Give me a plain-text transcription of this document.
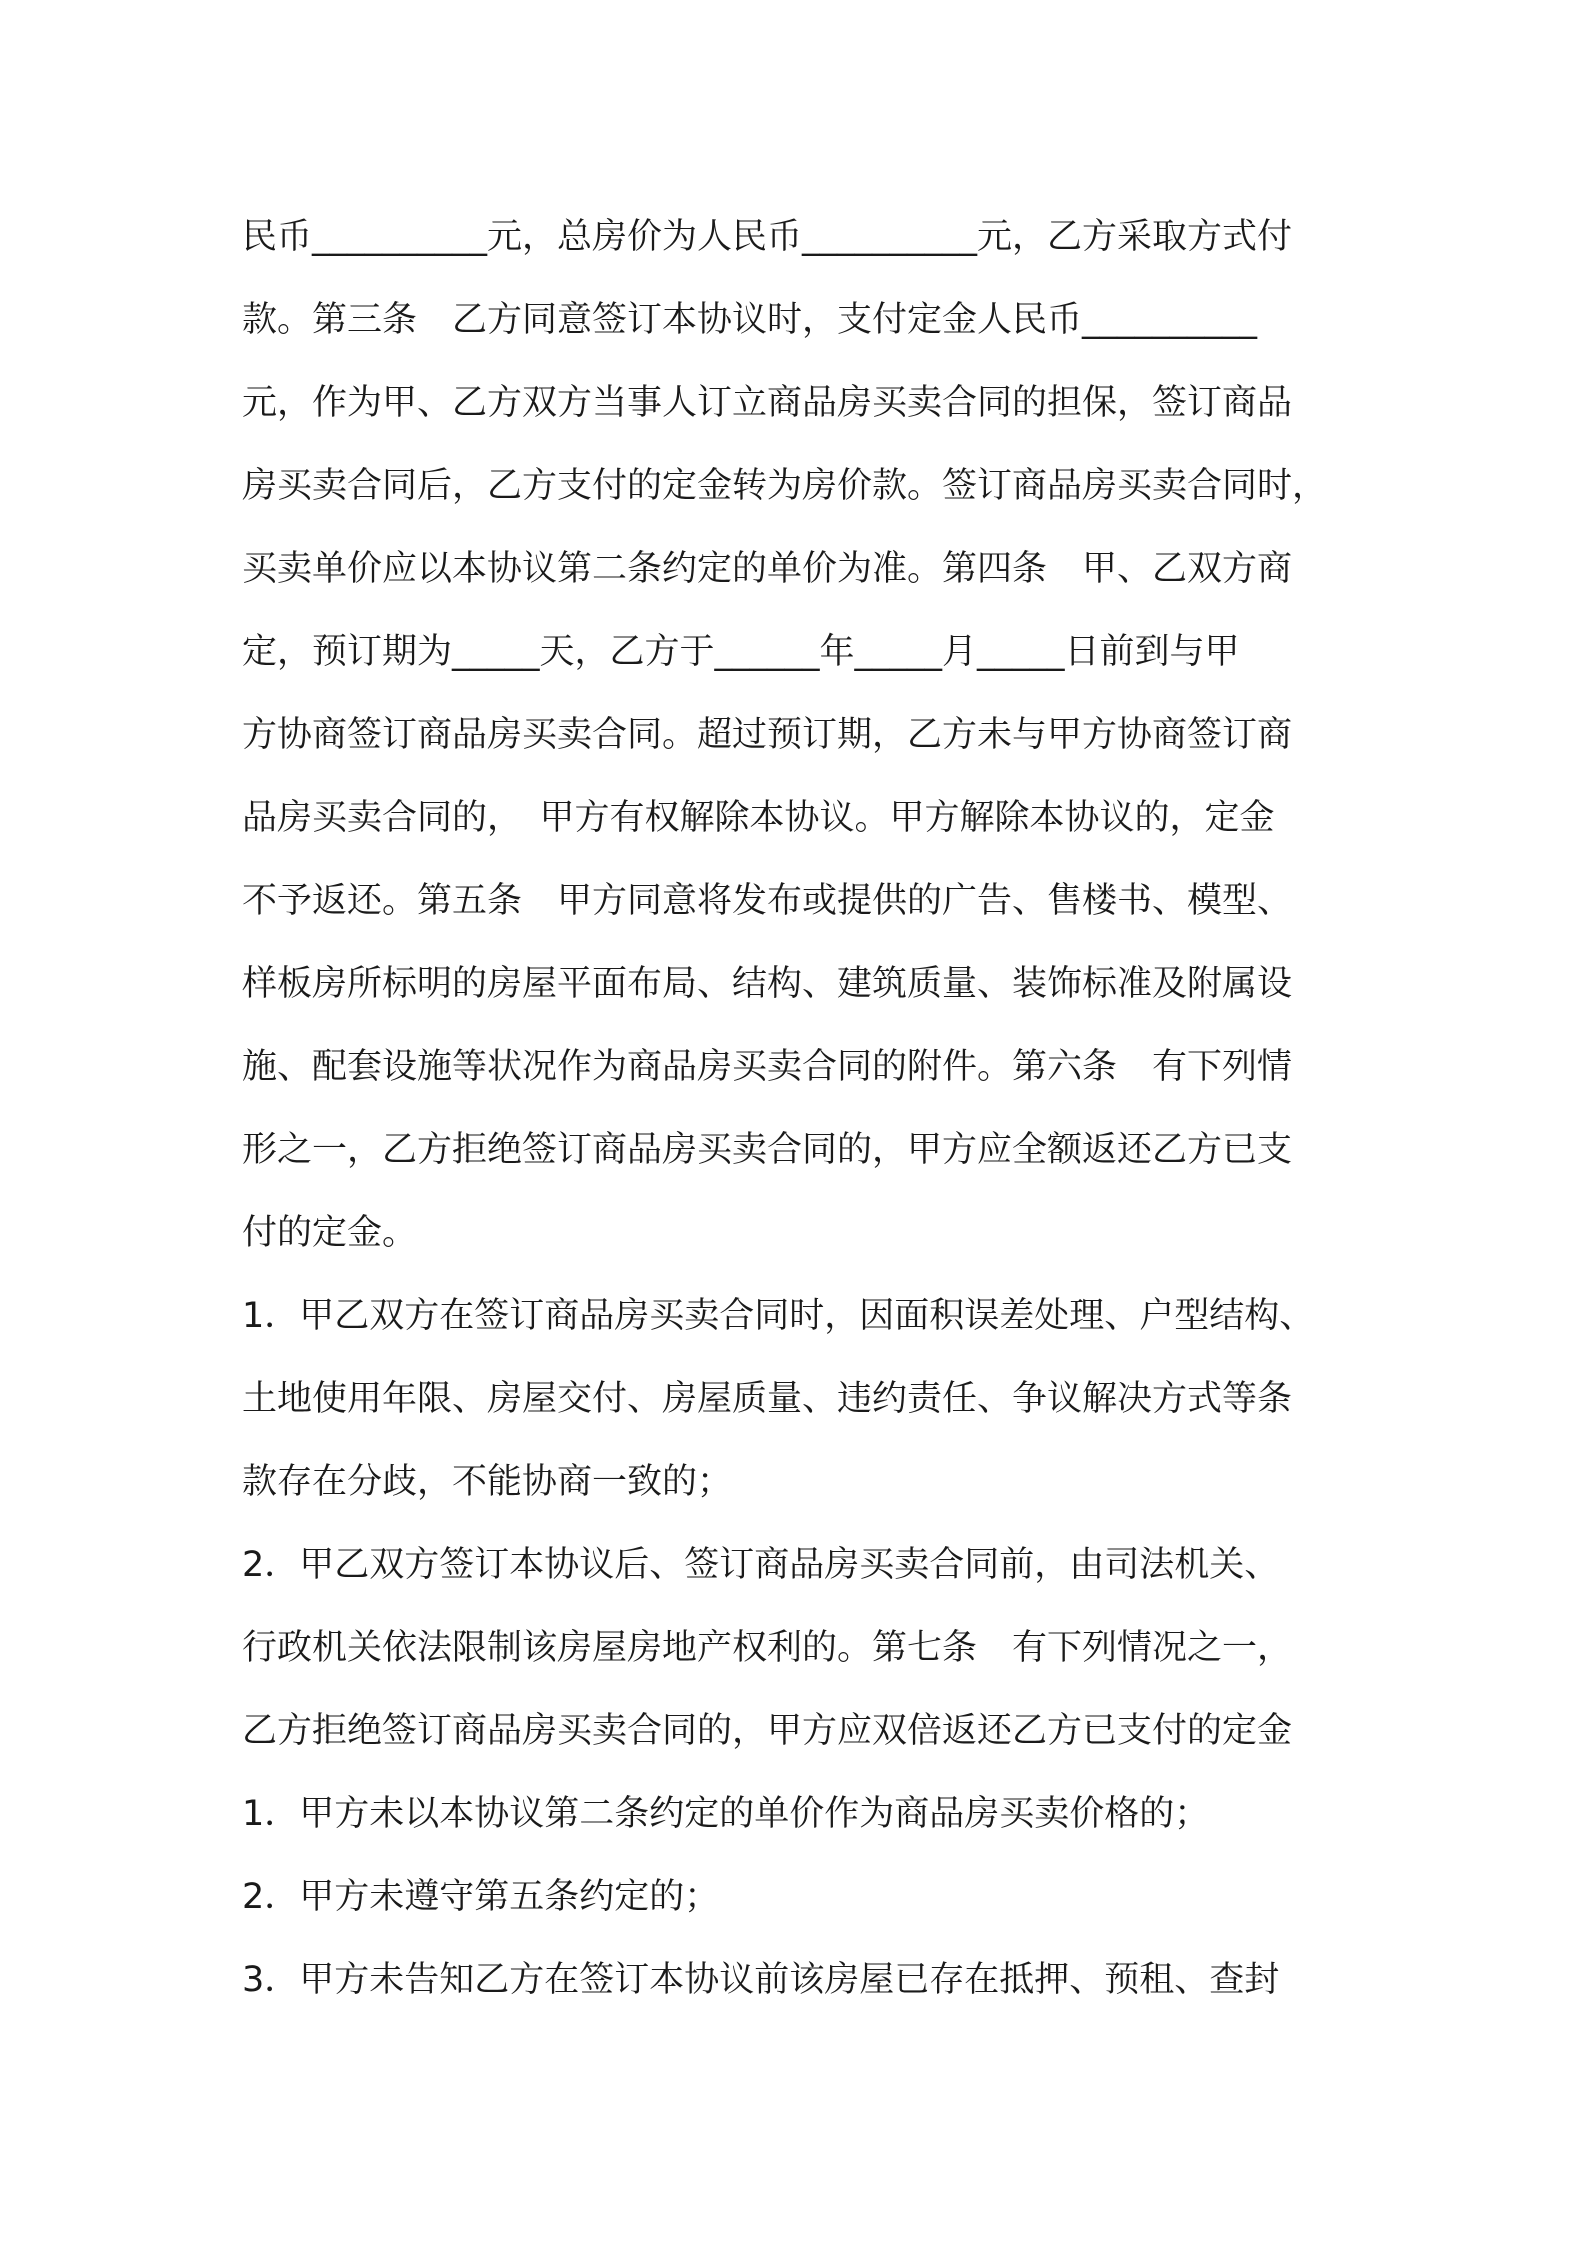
民币__________元，总房价为人民币__________元，乙方采取方式付
款。第三条　乙方同意签订本协议时，支付定金人民币__________
元，作为甲、乙方双方当事人订立商品房买卖合同的担保，签订商品
房买卖合同后，乙方支付的定金转为房价款。签订商品房买卖合同时，
买卖单价应以本协议第二条约定的单价为准。第四条　甲、乙双方商
定，预订期为_____天，乙方于______年_____月_____日前到与甲
方协商签订商品房买卖合同。超过预订期，乙方未与甲方协商签订商
品房买卖合同的，　甲方有权解除本协议。甲方解除本协议的，定金
不予返还。第五条　甲方同意将发布或提供的广告、售楼书、模型、
样板房所标明的房屋平面布局、结构、建筑质量、装饰标准及附属设
施、配套设施等状况作为商品房买卖合同的附件。第六条　有下列情
形之一，乙方拒绝签订商品房买卖合同的，甲方应全额返还乙方已支
付的定金。
1．甲乙双方在签订商品房买卖合同时，因面积误差处理、户型结构、
土地使用年限、房屋交付、房屋质量、违约责任、争议解决方式等条
款存在分歧，不能协商一致的；
2．甲乙双方签订本协议后、签订商品房买卖合同前，由司法机关、
行政机关依法限制该房屋房地产权利的。第七条　有下列情况之一，
乙方拒绝签订商品房买卖合同的，甲方应双倍返还乙方已支付的定金
1．甲方未以本协议第二条约定的单价作为商品房买卖价格的；
2．甲方未遵守第五条约定的；
3．甲方未告知乙方在签订本协议前该房屋已存在抵押、预租、查封
